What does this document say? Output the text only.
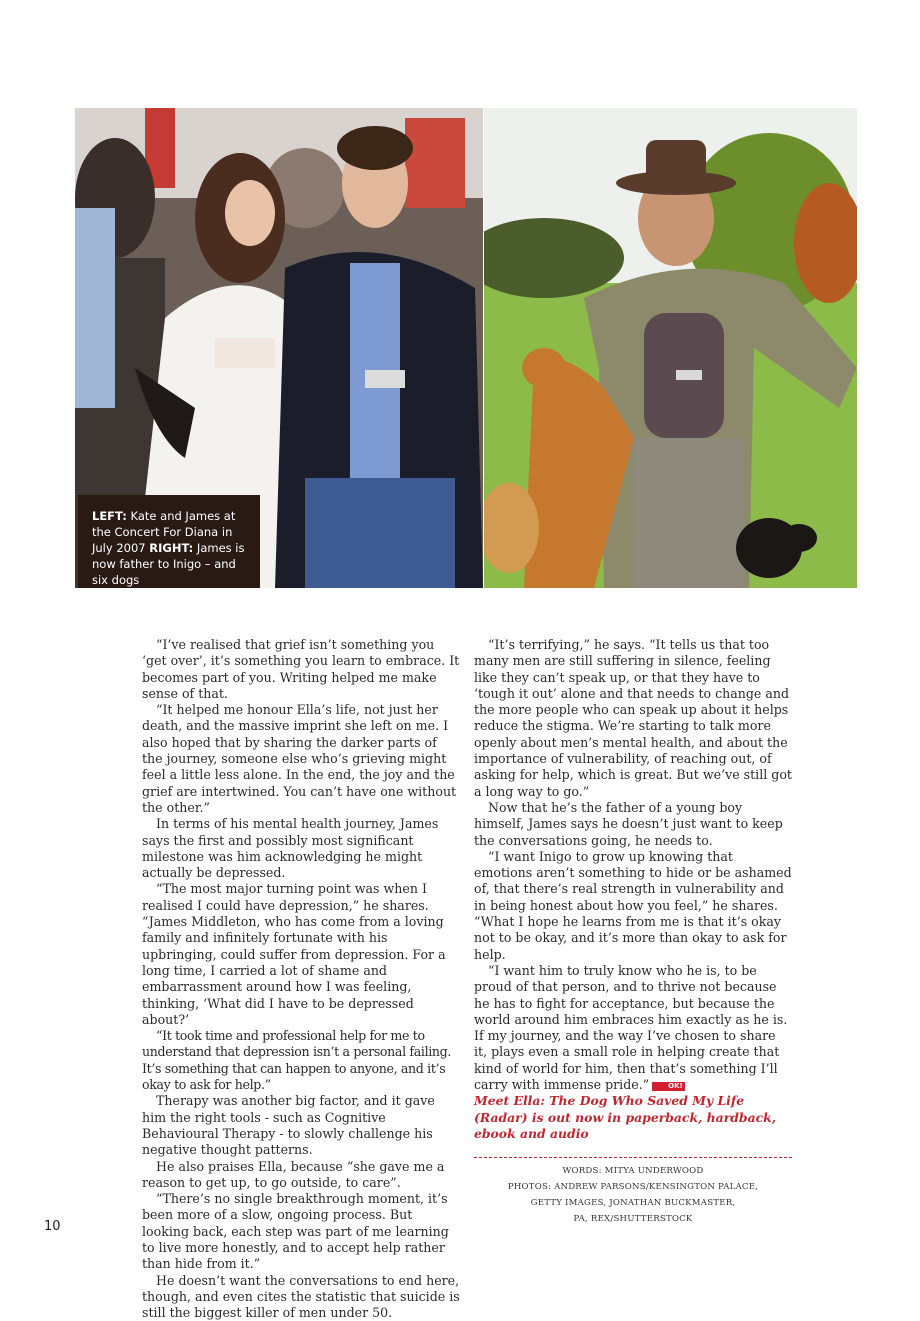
LEFT: Kate and James at the Concert For Diana in July 2007 RIGHT: James is now father to Inigo – and six dogs

“I’ve realised that grief isn’t something you ‘get over’, it’s something you learn to embrace. It becomes part of you. Writing helped me make sense of that.

“It helped me honour Ella’s life, not just her death, and the massive imprint she left on me. I also hoped that by sharing the darker parts of the journey, someone else who’s grieving might feel a little less alone. In the end, the joy and the grief are intertwined. You can’t have one without the other.”

In terms of his mental health journey, James says the first and possibly most significant milestone was him acknowledging he might actually be depressed.

“The most major turning point was when I realised I could have depression,” he shares. “James Middleton, who has come from a loving family and infinitely fortunate with his upbringing, could suffer from depression. For a long time, I carried a lot of shame and embarrassment around how I was feeling, thinking, ‘What did I have to be depressed about?’

“It took time and professional help for me to understand that depression isn’t a personal failing. It’s something that can happen to anyone, and it’s okay to ask for help.”

Therapy was another big factor, and it gave him the right tools - such as Cognitive Behavioural Therapy - to slowly challenge his negative thought patterns.

He also praises Ella, because “she gave me a reason to get up, to go outside, to care”.

“There’s no single breakthrough moment, it’s been more of a slow, ongoing process. But looking back, each step was part of me learning to live more honestly, and to accept help rather than hide from it.”

He doesn’t want the conversations to end here, though, and even cites the statistic that suicide is still the biggest killer of men under 50.

“It’s terrifying,” he says. “It tells us that too many men are still suffering in silence, feeling like they can’t speak up, or that they have to ‘tough it out’ alone and that needs to change and the more people who can speak up about it helps reduce the stigma. We’re starting to talk more openly about men’s mental health, and about the importance of vulnerability, of reaching out, of asking for help, which is great. But we’ve still got a long way to go.”

Now that he’s the father of a young boy himself, James says he doesn’t just want to keep the conversations going, he needs to.

“I want Inigo to grow up knowing that emotions aren’t something to hide or be ashamed of, that there’s real strength in vulnerability and in being honest about how you feel,” he shares. “What I hope he learns from me is that it’s okay not to be okay, and it’s more than okay to ask for help.

“I want him to truly know who he is, to be proud of that person, and to thrive not because he has to fight for acceptance, but because the world around him embraces him exactly as he is. If my journey, and the way I’ve chosen to share it, plays even a small role in helping create that kind of world for him, then that’s something I’ll carry with immense pride.”	OK!

Meet Ella: The Dog Who Saved My Life (Radar) is out now in paperback, hardback, ebook and audio

WORDS: MITYA UNDERWOOD
PHOTOS: ANDREW PARSONS/KENSINGTON PALACE,
GETTY IMAGES, JONATHAN BUCKMASTER,
PA, REX/SHUTTERSTOCK
10
